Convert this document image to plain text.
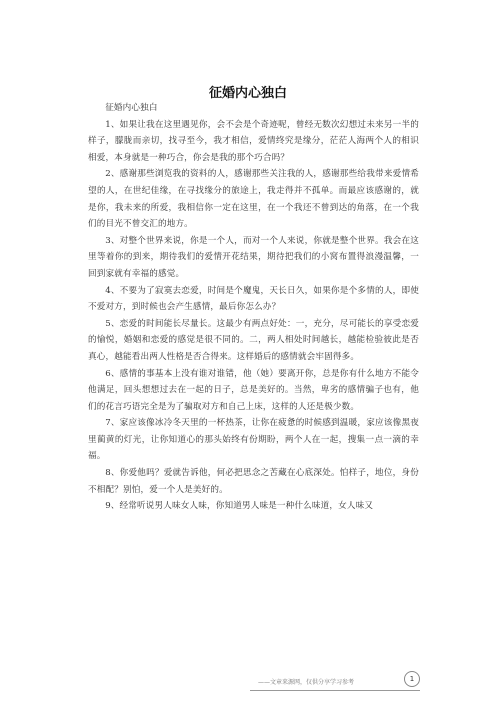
征婚内心独白

征婚内心独白

1、如果让我在这里遇见你，会不会是个奇迹呢，曾经无数次幻想过未来另一半的样子，朦胧而亲切，找寻至今，我才相信，爱情终究是缘分，茫茫人海两个人的相识相爱，本身就是一种巧合，你会是我的那个巧合吗？

2、感谢那些浏览我的资料的人，感谢那些关注我的人，感谢那些给我带来爱情希望的人，在世纪佳缘，在寻找缘分的旅途上，我走得并不孤单。而最应该感谢的，就是你，我未来的所爱，我相信你一定在这里，在一个我还不曾到达的角落，在一个我们的目光不曾交汇的地方。

3、对整个世界来说，你是一个人，而对一个人来说，你就是整个世界。我会在这里等着你的到来，期待我们的爱情开花结果，期待把我们的小窝布置得浪漫温馨，一回到家就有幸福的感觉。

4、不要为了寂寞去恋爱，时间是个魔鬼，天长日久，如果你是个多情的人，即使不爱对方，到时候也会产生感情，最后你怎么办？

5、恋爱的时间能长尽量长。这最少有两点好处：一，充分，尽可能长的享受恋爱的愉悦，婚姻和恋爱的感觉是很不同的。二，两人相处时间越长，越能检验彼此是否真心，越能看出两人性格是否合得来。这样婚后的感情就会牢固得多。

6、感情的事基本上没有谁对谁错，他（她）要离开你，总是你有什么地方不能令他满足，回头想想过去在一起的日子，总是美好的。当然，卑劣的感情骗子也有，他们的花言巧语完全是为了骗取对方和自己上床，这样的人还是极少数。

7、家应该像冰冷冬天里的一杯热茶，让你在疲惫的时候感到温暖，家应该像黑夜里蔺黄的灯光，让你知道心的那头始终有份期盼，两个人在一起，搜集一点一滴的幸福。

8、你爱他吗？爱就告诉他，何必把思念之苦藏在心底深处。怕样子，地位，身份不相配？别怕，爱一个人是美好的。

9、经常听说男人味女人味，你知道男人味是一种什么味道，女人味又

——文章来源网，仅供分享学习参考	1
